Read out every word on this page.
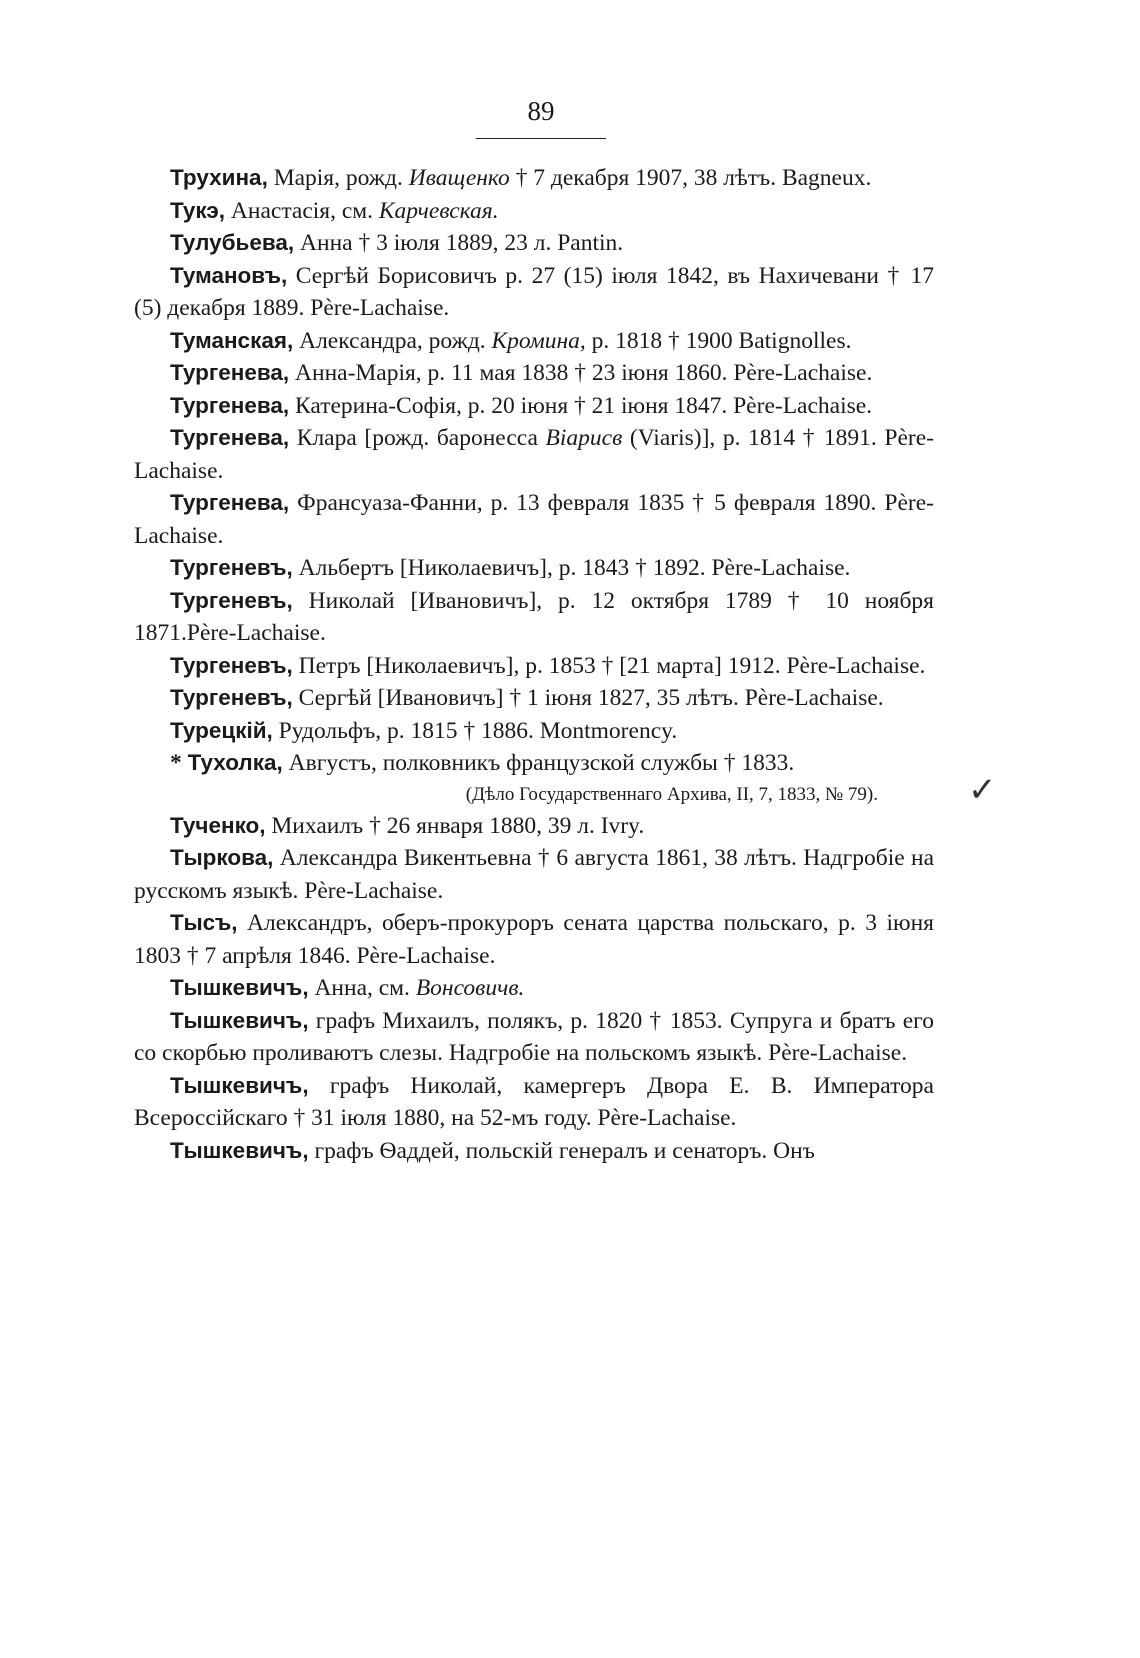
89
✓

Трухина, Марія, рожд. Иващенко † 7 декабря 1907, 38 лѣтъ. Bagneux.

Тукэ, Анастасія, см. Карчевская.

Тулубьева, Анна † 3 іюля 1889, 23 л. Pantin.

Тумановъ, Сергѣй Борисовичъ р. 27 (15) іюля 1842, въ Нахичевани † 17 (5) декабря 1889. Père-Lachaise.

Туманская, Александра, рожд. Кромина, р. 1818 † 1900 Batignolles.

Тургенева, Анна-Марія, р. 11 мая 1838 † 23 іюня 1860. Père-Lachaise.

Тургенева, Катерина-Софія, р. 20 іюня † 21 іюня 1847. Père-Lachaise.

Тургенева, Клара [рожд. баронесса Віарисв (Viaris)], р. 1814 † 1891. Père-Lachaise.

Тургенева, Франсуаза-Фанни, р. 13 февраля 1835 † 5 февраля 1890. Père-Lachaise.

Тургеневъ, Альбертъ [Николаевичъ], р. 1843 † 1892. Père-Lachaise.

Тургеневъ, Николай [Ивановичъ], р. 12 октября 1789 † 10 ноября 1871.Père-Lachaise.

Тургеневъ, Петръ [Николаевичъ], р. 1853 † [21 марта] 1912. Père-Lachaise.

Тургеневъ, Сергѣй [Ивановичъ] † 1 іюня 1827, 35 лѣтъ. Père-Lachaise.

Турецкій, Рудольфъ, р. 1815 † 1886. Montmorency.

* Тухолка, Августъ, полковникъ французской службы † 1833.

(Дѣло Государственнаго Архива, II, 7, 1833, № 79).

Тученко, Михаилъ † 26 января 1880, 39 л. Ivry.

Тыркова, Александра Викентьевна † 6 августа 1861, 38 лѣтъ. Надгробіе на русскомъ языкѣ. Père-Lachaise.

Тысъ, Александръ, оберъ-прокуроръ сената царства польскаго, р. 3 іюня 1803 † 7 апрѣля 1846. Père-Lachaise.

Тышкевичъ, Анна, см. Вонсовичв.

Тышкевичъ, графъ Михаилъ, полякъ, р. 1820 † 1853. Супруга и братъ его со скорбью проливаютъ слезы. Надгробіе на польскомъ языкѣ. Père-Lachaise.

Тышкевичъ, графъ Николай, камергеръ Двора Е. В. Императора Всероссійскаго † 31 іюля 1880, на 52-мъ году. Père-Lachaise.

Тышкевичъ, графъ Ѳаддей, польскій генералъ и сенаторъ. Онъ
